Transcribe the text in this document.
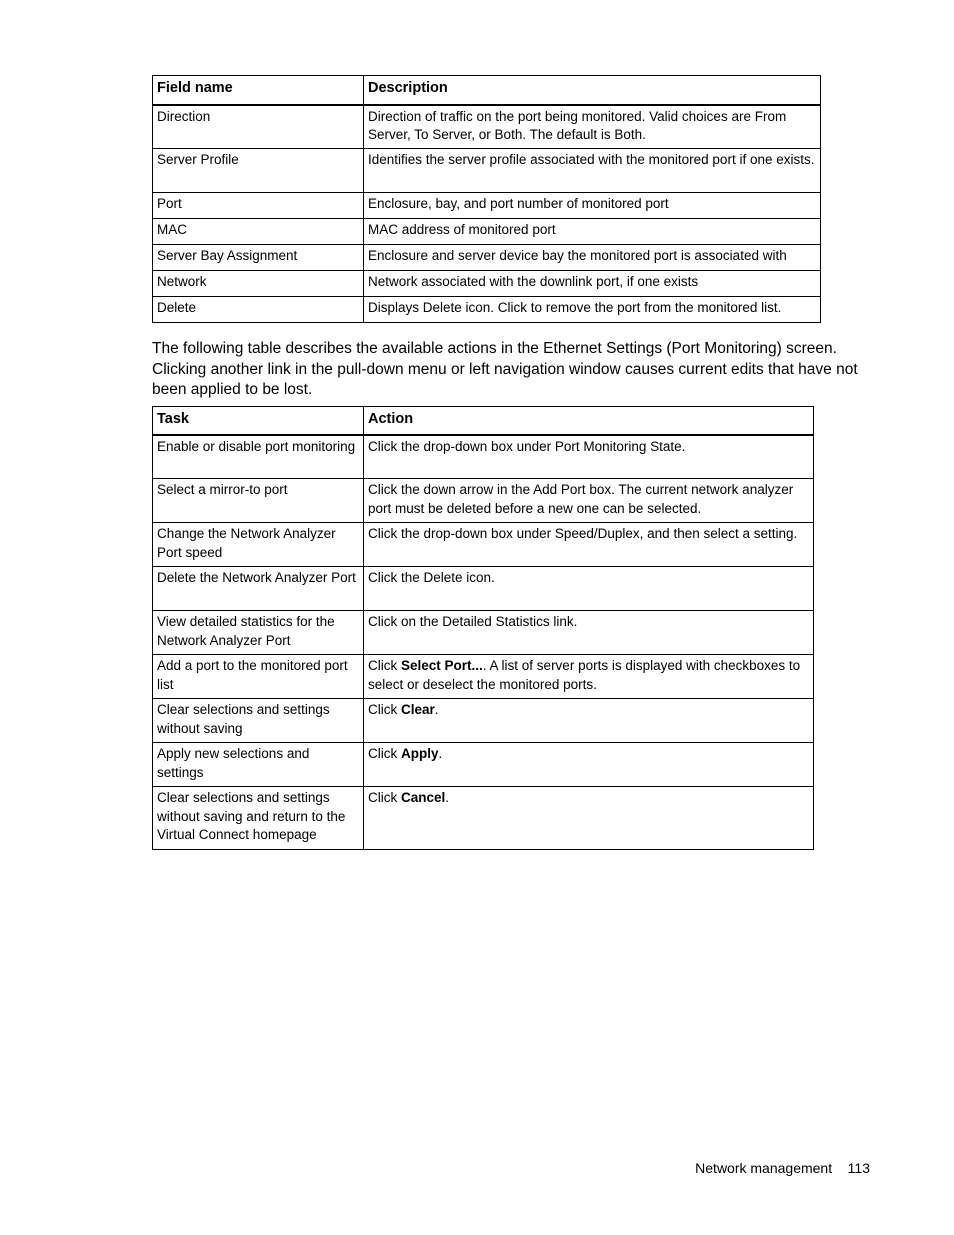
Field name	Description
Direction	Direction of traffic on the port being monitored. Valid choices are From Server, To Server, or Both. The default is Both.
Server Profile	Identifies the server profile associated with the monitored port if one exists.
Port	Enclosure, bay, and port number of monitored port
MAC	MAC address of monitored port
Server Bay Assignment	Enclosure and server device bay the monitored port is associated with
Network	Network associated with the downlink port, if one exists
Delete	Displays Delete icon. Click to remove the port from the monitored list.

The following table describes the available actions in the Ethernet Settings (Port Monitoring) screen. Clicking another link in the pull-down menu or left navigation window causes current edits that have not been applied to be lost.

Task	Action
Enable or disable port monitoring	Click the drop-down box under Port Monitoring State.
Select a mirror-to port	Click the down arrow in the Add Port box. The current network analyzer port must be deleted before a new one can be selected.
Change the Network Analyzer Port speed	Click the drop-down box under Speed/Duplex, and then select a setting.
Delete the Network Analyzer Port	Click the Delete icon.
View detailed statistics for the Network Analyzer Port	Click on the Detailed Statistics link.
Add a port to the monitored port list	Click Select Port.... A list of server ports is displayed with checkboxes to select or deselect the monitored ports.
Clear selections and settings without saving	Click Clear.
Apply new selections and settings	Click Apply.
Clear selections and settings without saving and return to the Virtual Connect homepage	Click Cancel.
Network management 113
